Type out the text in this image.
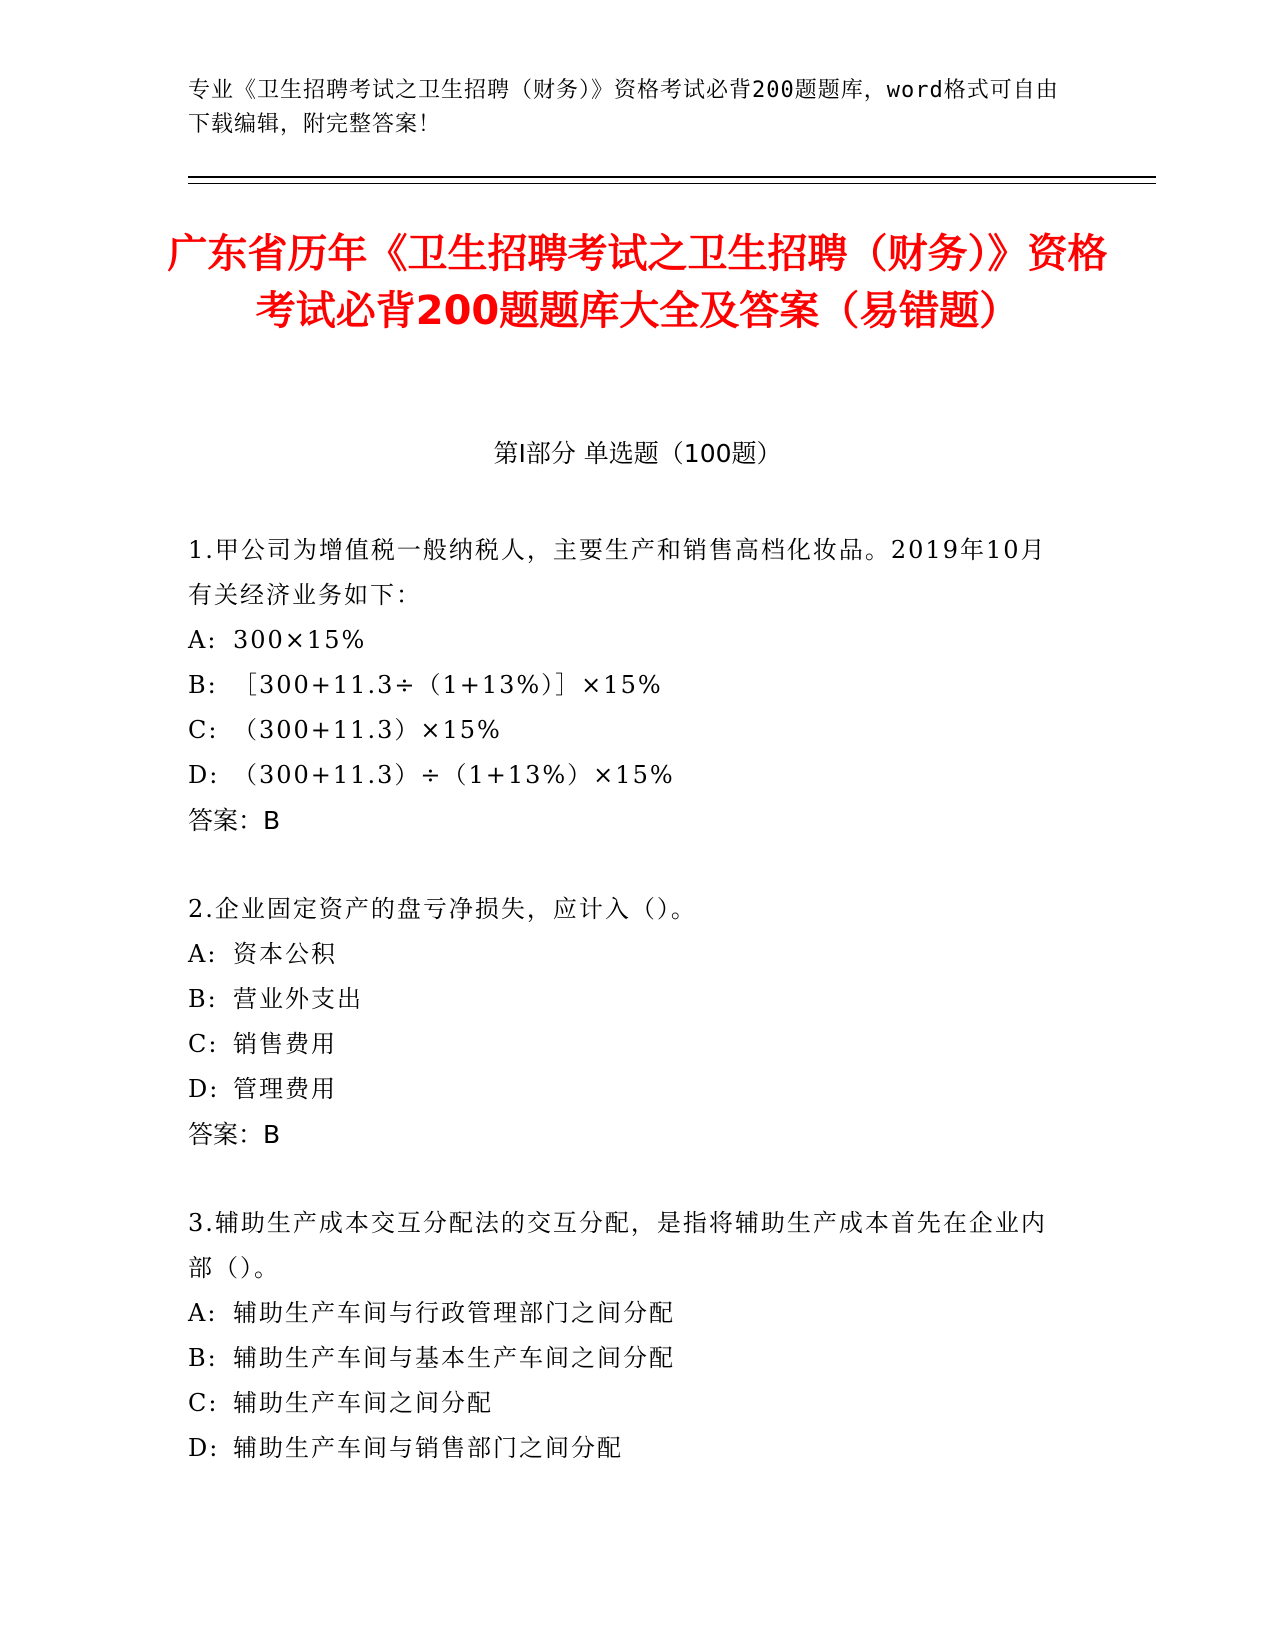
专业《卫生招聘考试之卫生招聘（财务）》资格考试必背200题题库，word格式可自由下载编辑，附完整答案！
广东省历年《卫生招聘考试之卫生招聘（财务）》资格考试必背200题题库大全及答案（易错题）
第Ⅰ部分 单选题（100题）
1.甲公司为增值税一般纳税人，主要生产和销售高档化妆品。2019年10月有关经济业务如下：
A: 300×15%
B: ［300+11.3÷（1+13%）］×15%
C: （300+11.3）×15%
D: （300+11.3）÷（1+13%）×15%
答案：B
2.企业固定资产的盘亏净损失，应计入（）。
A: 资本公积
B: 营业外支出
C: 销售费用
D: 管理费用
答案：B
3.辅助生产成本交互分配法的交互分配，是指将辅助生产成本首先在企业内部（）。
A: 辅助生产车间与行政管理部门之间分配
B: 辅助生产车间与基本生产车间之间分配
C: 辅助生产车间之间分配
D: 辅助生产车间与销售部门之间分配
